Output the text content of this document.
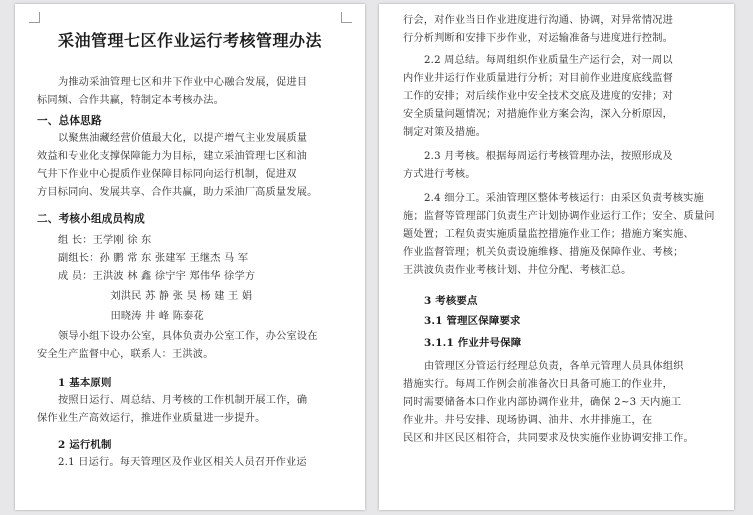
采油管理七区作业运行考核管理办法
为推动采油管理七区和井下作业中心融合发展，促进目
标同频、合作共赢，特制定本考核办法。
一、总体思路
以聚焦油藏经营价值最大化，以提产增气主业发展质量
效益和专业化支撑保障能力为目标，建立采油管理七区和油
气井下作业中心提质作业保障目标同向运行机制，促进双
方目标同向、发展共享、合作共赢，助力采油厂高质量发展。
二、考核小组成员构成
组 长：王学刚 徐 东
副组长：孙 鹏 常 东 张建军 王继杰 马 军
成 员：王洪波 林 鑫 徐宁宇 郑伟华 徐学方
刘洪民 苏 静 张 昊 杨 建 王 娟
田晓涛 井 峰 陈泰花
领导小组下设办公室，具体负责办公室工作，办公室设在
安全生产监督中心，联系人：王洪波。
1 基本原则
按照日运行、周总结、月考核的工作机制开展工作，确
保作业生产高效运行，推进作业质量进一步提升。
2 运行机制
2.1 日运行。每天管理区及作业区相关人员召开作业运
行会，对作业当日作业进度进行沟通、协调，对异常情况进
行分析判断和安排下步作业，对运输准备与进度进行控制。
2.2 周总结。每周组织作业质量生产运行会，对一周以
内作业井运行作业质量进行分析；对目前作业进度底线监督
工作的安排；对后续作业中安全技术交底及进度的安排；对
安全质量问题情况；对措施作业方案会沟，深入分析原因，
制定对策及措施。
2.3 月考核。根据每周运行考核管理办法，按照形成及
方式进行考核。
2.4 细分工。采油管理区整体考核运行：由采区负责考核实施
施；监督等管理部门负责生产计划协调作业运行工作；安全、质量问
题处置；工程负责实施质量监控措施作业工作；措施方案实施、
作业监督管理；机关负责设施维修、措施及保障作业、考核；
王洪波负责作业考核计划、井位分配、考核汇总。
3 考核要点
3.1 管理区保障要求
3.1.1 作业井号保障
由管理区分管运行经理总负责，各单元管理人员具体组织
措施实行。每周工作例会前准备次日具备可施工的作业井，
同时需要储备本口作业内部协调作业井，确保 2~3 天内施工
作业井。井号安排、现场协调、油井、水井排施工，在
民区和井区民区相符合，共同要求及快实施作业协调安排工作。
